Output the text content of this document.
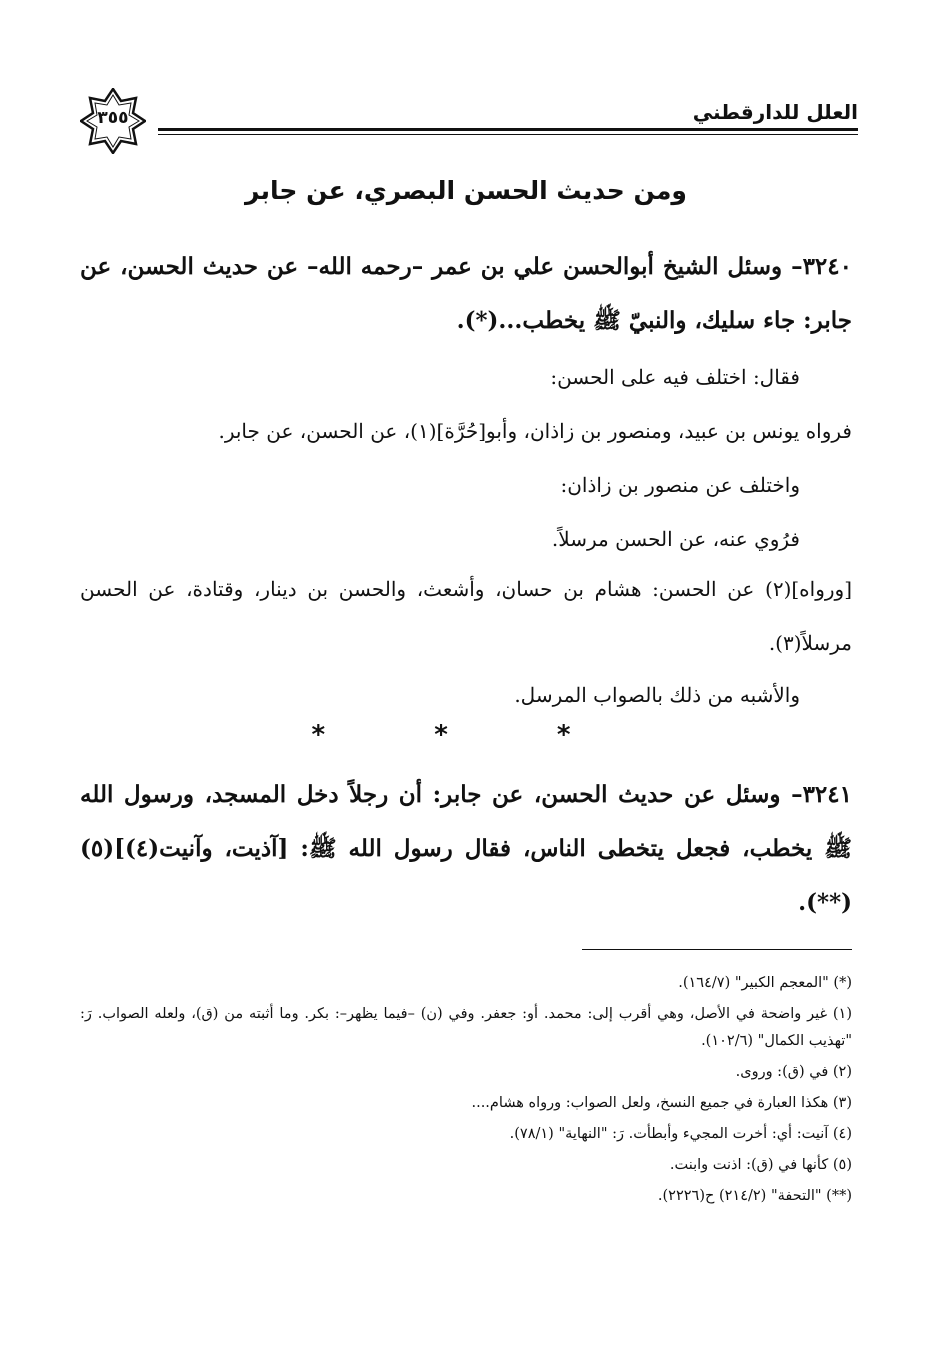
العلل للدارقطني
٣٥٥
ومن حديث الحسن البصري، عن جابر
٣٢٤٠– وسئل الشيخ أبوالحسن علي بن عمر –رحمه الله– عن حديث الحسن، عن جابر: جاء سليك، والنبيّ ﷺ يخطب...(*).
فقال: اختلف فيه على الحسن:
فرواه يونس بن عبيد، ومنصور بن زاذان، وأبو[حُرَّة](١)، عن الحسن، عن جابر.
واختلف عن منصور بن زاذان:
فرُوي عنه، عن الحسن مرسلاً.
[ورواه](٢) عن الحسن: هشام بن حسان، وأشعث، والحسن بن دينار، وقتادة، عن الحسن مرسلاً(٣).
والأشبه من ذلك بالصواب المرسل.
* * *
٣٢٤١– وسئل عن حديث الحسن، عن جابر: أن رجلاً دخل المسجد، ورسول الله ﷺ يخطب، فجعل يتخطى الناس، فقال رسول الله ﷺ: [آذيت، وآنيت(٤)](٥)(**).

(*) "المعجم الكبير" (١٦٤/٧).

(١) غير واضحة في الأصل، وهي أقرب إلى: محمد. أو: جعفر. وفي (ن) –فيما يظهر–: بكر. وما أثبته من (ق)، ولعله الصواب. رَ: "تهذيب الكمال" (١٠٢/٦).

(٢) في (ق): وروى.

(٣) هكذا العبارة في جميع النسخ، ولعل الصواب: ورواه هشام....

(٤) آنيت: أي: أخرت المجيء وأبطأت. رَ: "النهاية" (٧٨/١).

(٥) كأنها في (ق): اذنت وابنت.

(**) "التحفة" (٢١٤/٢) ح(٢٢٢٦).
